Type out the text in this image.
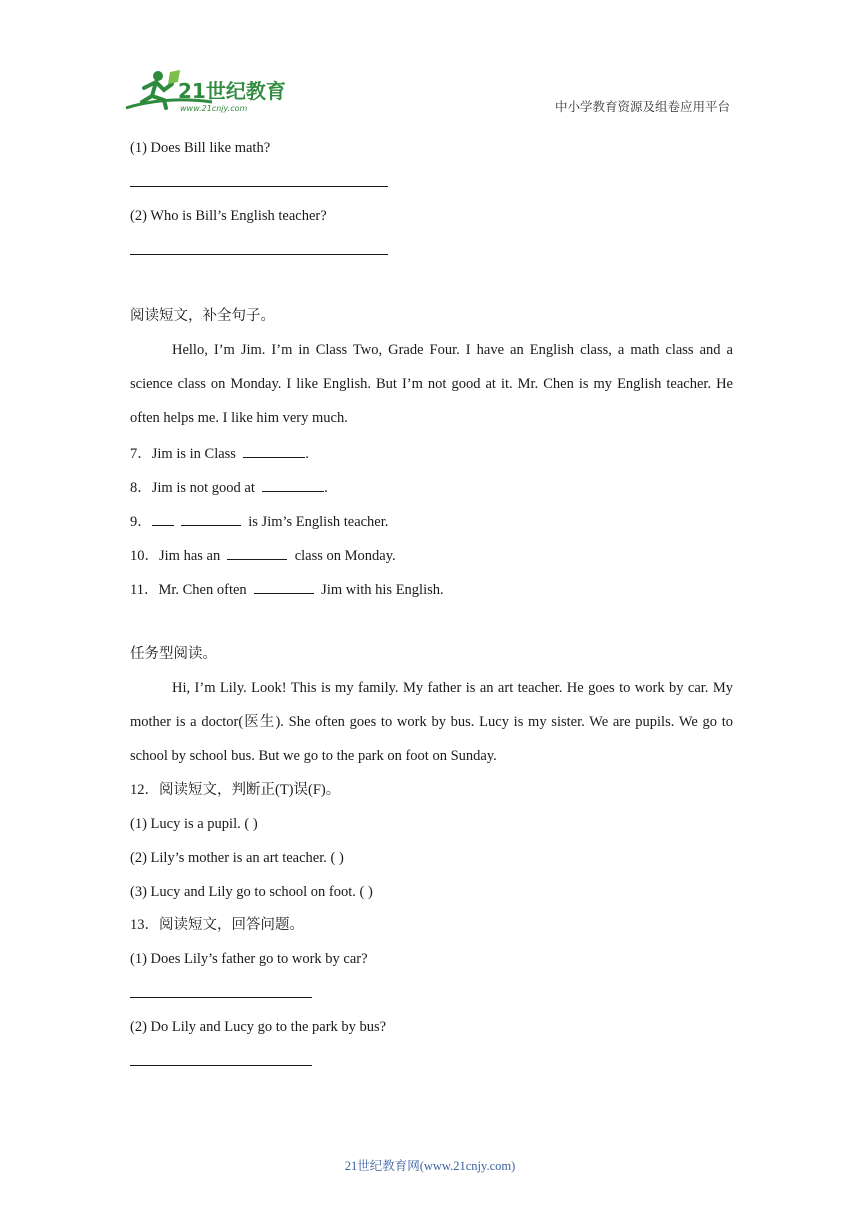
21世纪教育
www.21cnjy.com	中小学教育资源及组卷应用平台
(1) Does Bill like math?
(2) Who is Bill’s English teacher?
阅读短文，补全句子。
Hello, I’m Jim. I’m in Class Two, Grade Four. I have an English class, a math class and a science class on Monday. I like English. But I’m not good at it. Mr. Chen is my English teacher. He often helps me. I like him very much.
7．Jim is in Class	.
8．Jim is not good at	.
9．	is Jim’s English teacher.
10．Jim has an	class on Monday.
11．Mr. Chen often	Jim with his English.
任务型阅读。
Hi, I’m Lily. Look! This is my family. My father is an art teacher. He goes to work by car. My mother is a doctor(医生). She often goes to work by bus. Lucy is my sister. We are pupils. We go to school by school bus. But we go to the park on foot on Sunday.
12．阅读短文，判断正(T)误(F)。
(1) Lucy is a pupil. ( )
(2) Lily’s mother is an art teacher. ( )
(3) Lucy and Lily go to school on foot. ( )
13．阅读短文，回答问题。
(1) Does Lily’s father go to work by car?
(2) Do Lily and Lucy go to the park by bus?
21世纪教育网(www.21cnjy.com)
